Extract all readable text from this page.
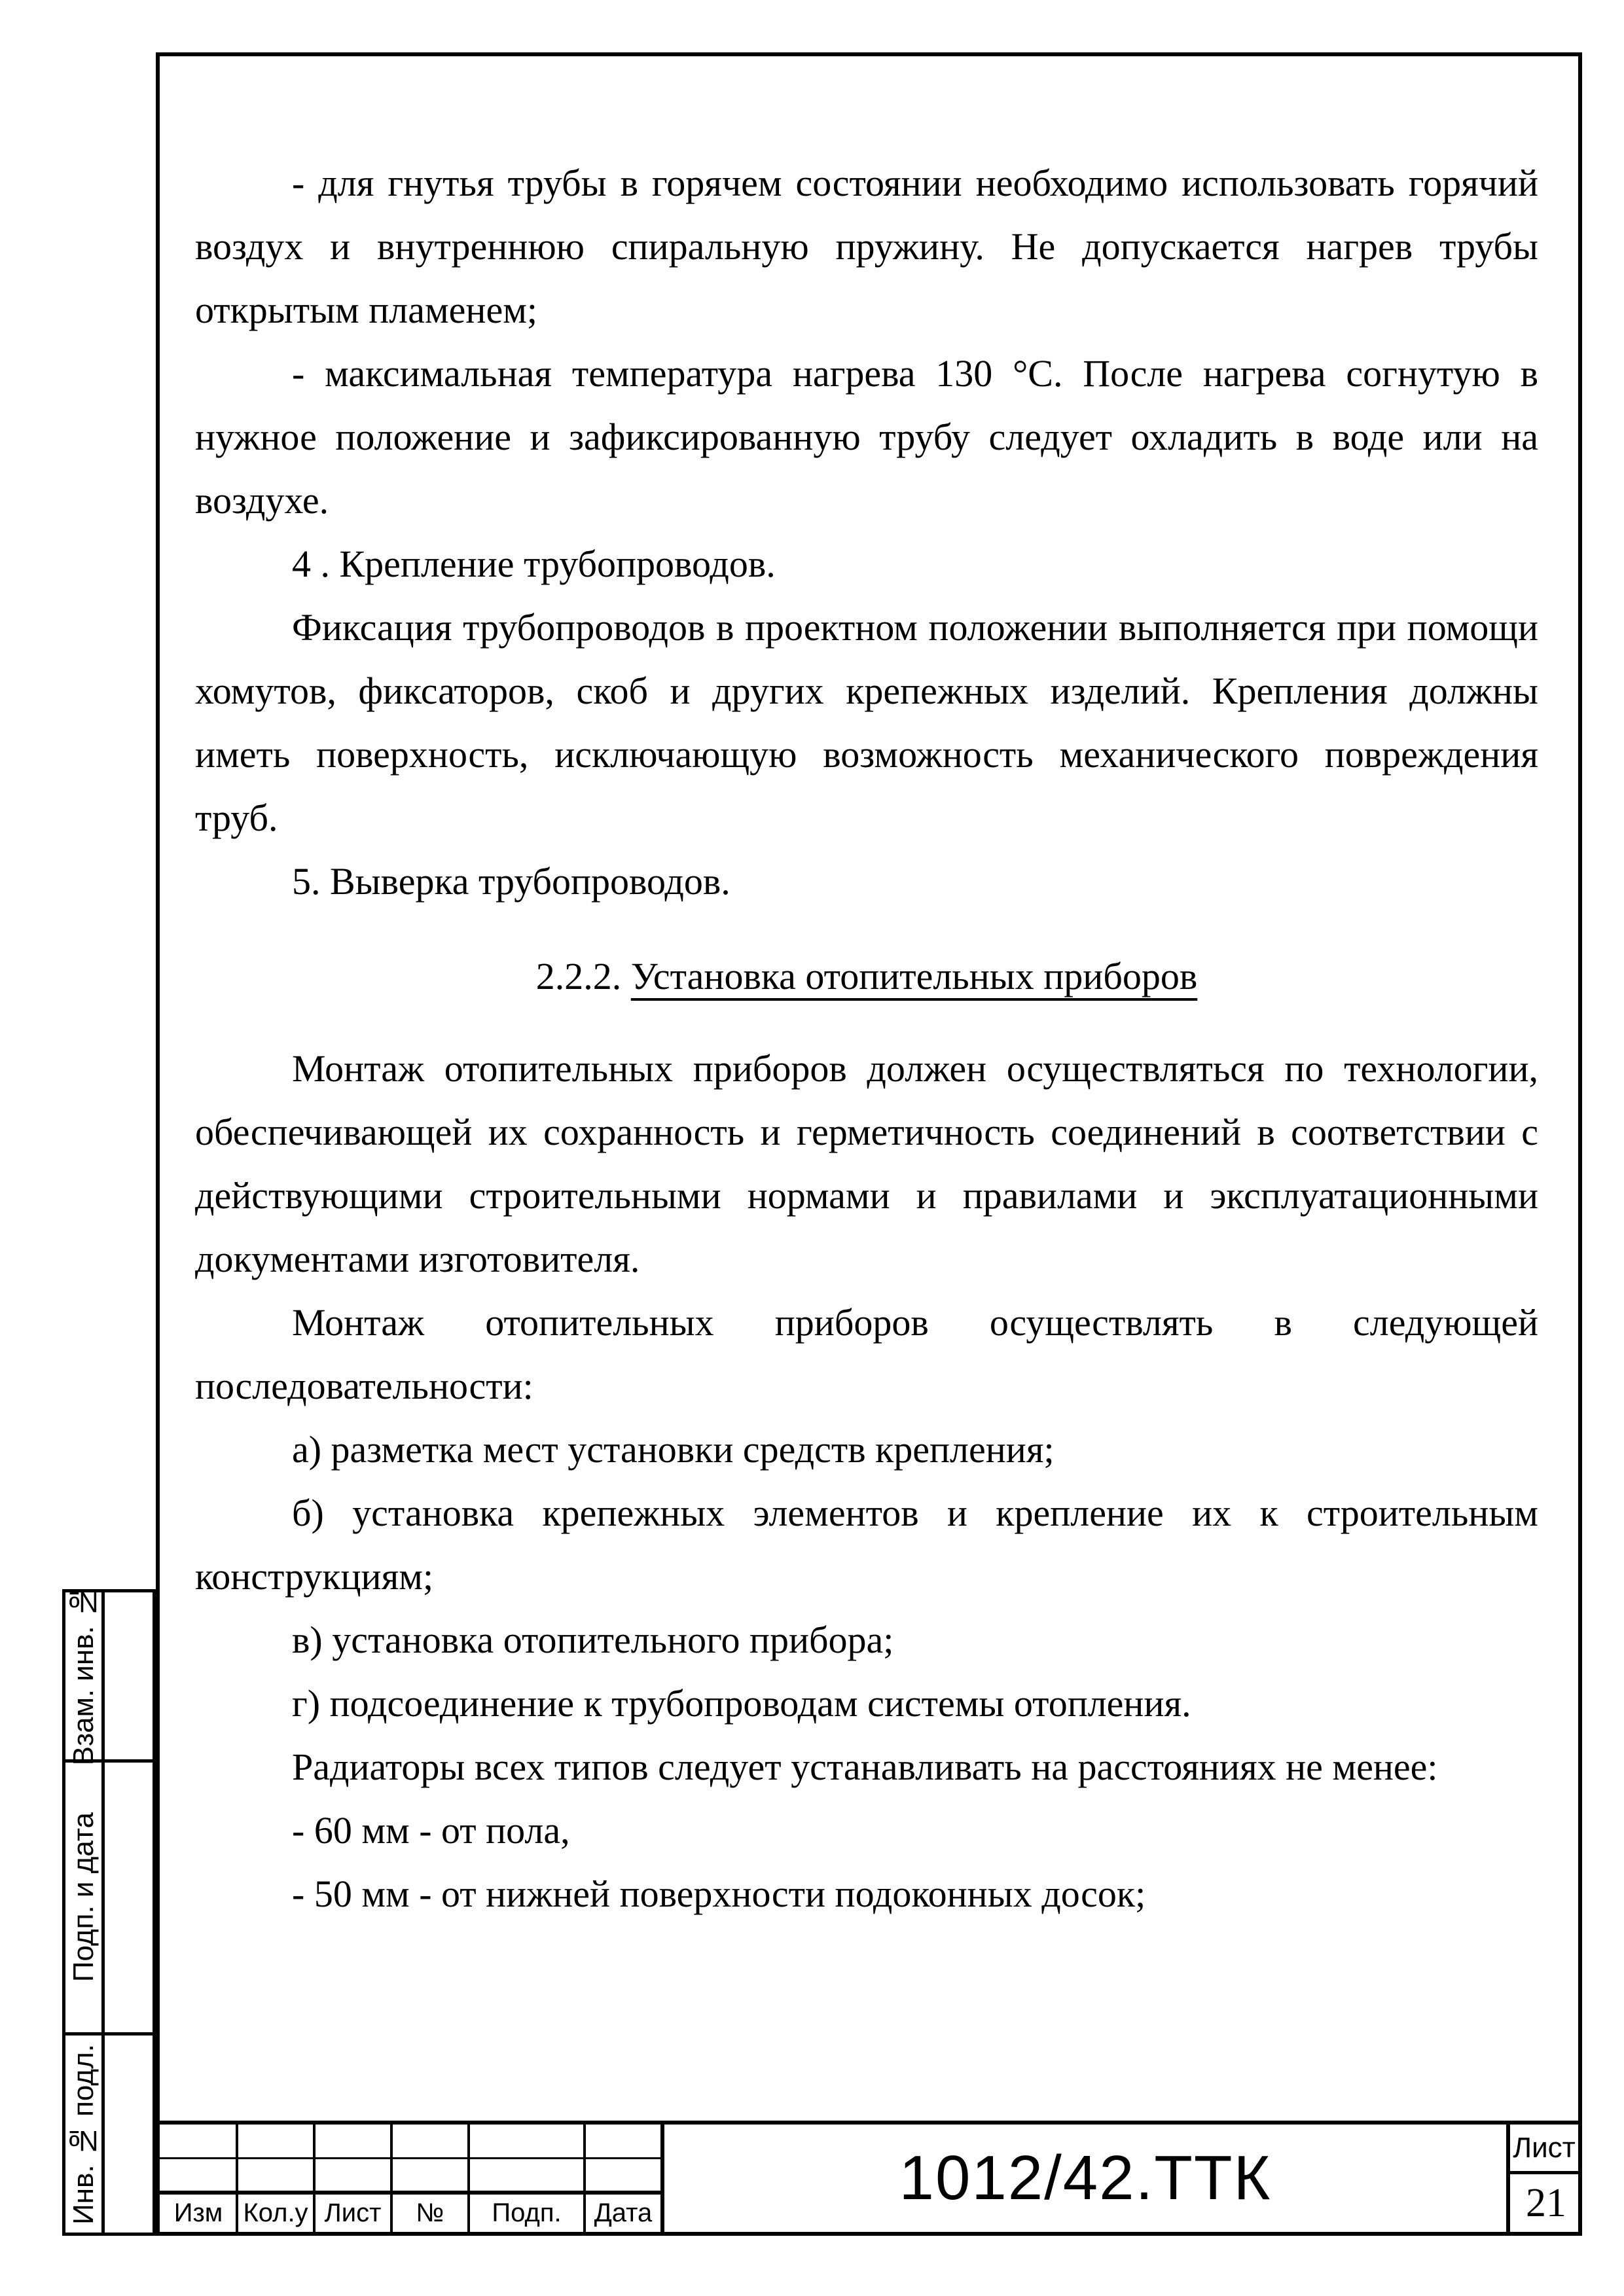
Взам. инв. №
Подп. и дата
Инв. № подл.
- для гнутья трубы в горячем состоянии необходимо использовать горячий
воздух и внутреннюю спиральную пружину. Не допускается нагрев трубы
открытым пламенем;
- максимальная температура нагрева 130 °С. После нагрева согнутую в
нужное положение и зафиксированную трубу следует охладить в воде или на
воздухе.
4 . Крепление трубопроводов.
Фиксация трубопроводов в проектном положении выполняется при помощи
хомутов, фиксаторов, скоб и других крепежных изделий. Крепления должны
иметь поверхность, исключающую возможность механического повреждения
труб.
5. Выверка трубопроводов.
2.2.2. Установка отопительных приборов
Монтаж отопительных приборов должен осуществляться по технологии,
обеспечивающей их сохранность и герметичность соединений в соответствии с
действующими строительными нормами и правилами и эксплуатационными
документами изготовителя.
Монтаж отопительных приборов осуществлять в следующей
последовательности:
а) разметка мест установки средств крепления;
б) установка крепежных элементов и крепление их к строительным
конструкциям;
в) установка отопительного прибора;
г) подсоединение к трубопроводам системы отопления.
Радиаторы всех типов следует устанавливать на расстояниях не менее:
- 60 мм - от пола,
- 50 мм - от нижней поверхности подоконных досок;
Изм Кол.у Лист	№	Подп.	Дата	1012/42.ТТК	Лист
21
